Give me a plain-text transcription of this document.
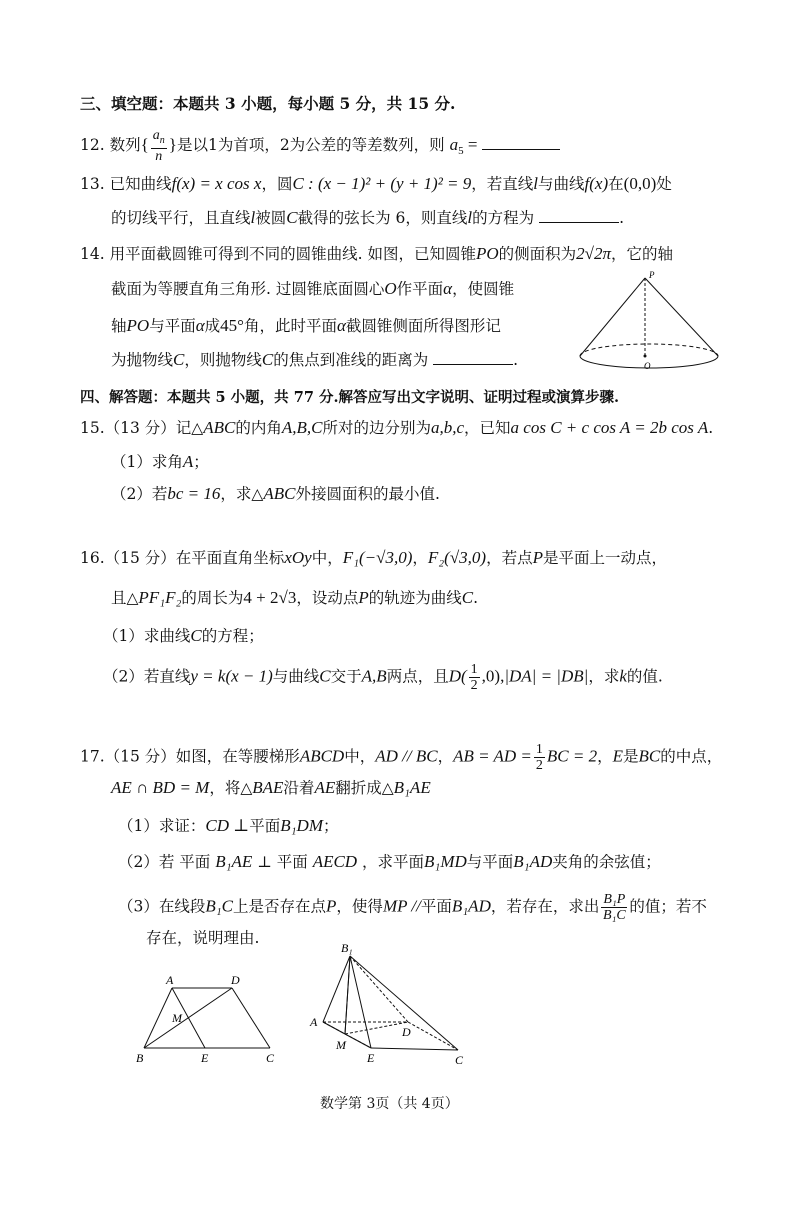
三、填空题：本题共 3 小题，每小题 5 分，共 15 分.
12. 数列{ $\frac{a_n}{n}$ }是以1为首项，2为公差的等差数列，则 $a_5$ =
13. 已知曲线f(x) = x cos x，圆C : (x − 1)² + (y + 1)² = 9，若直线l与曲线f(x)在(0,0)处
的切线平行，且直线l被圆C截得的弦长为 6，则直线l的方程为	.
14. 用平面截圆锥可得到不同的圆锥曲线. 如图，已知圆锥PO的侧面积为2√2π，它的轴
截面为等腰直角三角形. 过圆锥底面圆心O作平面α，使圆锥
轴PO与平面α成45°角，此时平面α截圆锥侧面所得图形记
为抛物线C，则抛物线C的焦点到准线的距离为	.
P
O
四、解答题：本题共 5 小题，共 77 分.解答应写出文字说明、证明过程或演算步骤.
15.（13 分）记△ABC的内角A,B,C所对的边分别为a,b,c，已知a cos C + c cos A = 2b cos A.
（1）求角A；
（2）若bc = 16，求△ABC外接圆面积的最小值.
16.（15 分）在平面直角坐标xOy中，F₁(−√3,0)，F₂(√3,0)，若点P是平面上一动点，
且△PF₁F₂的周长为4 + 2√3，设动点P的轨迹为曲线C.
（1）求曲线C的方程；
（2）若直线y = k(x − 1)与曲线C交于A,B两点，且$D( \frac{1}{2} ,0),|DA| = |DB|$，求k的值.
17.（15 分）如图，在等腰梯形ABCD中，AD // BC，AB = AD = $\frac{1}{2}$ BC = 2，E是BC的中点，
AE ∩ BD = M，将△BAE沿着AE翻折成△B₁AE
（1）求证：CD ⊥平面B₁DM；
（2）若 平面 B₁AE ⊥ 平面 AECD ，求平面B₁MD与平面B₁AD夹角的余弦值；
（3）在线段B₁C上是否存在点P，使得MP //平面B₁AD，若存在，求出 $\frac{\text{B₁P}}{\text{B₁C}}$ 的值；若不
存在，说明理由.
A	D
M
B	E	C
B₁
A
D
M
E	C
数学第 3页（共 4页）
